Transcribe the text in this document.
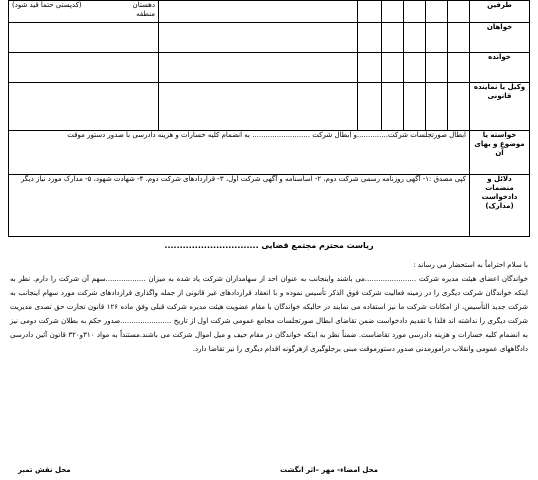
طرفین							دهستان
(کدپستی حتما قید شود)
منطقه

خواهان							
خوانده							
وکیل یا نماینده قانونی							
خواسته یا موضوع و بهای آن	ابطال صورتجلسات شرکت..............و ابطال شرکت .......................... به انضمام کلیه خسارات و هزینه دادرسی با صدور دستور موقت						
دلائل و منضمات دادخواست (مدارک)	کپی مصدق :١- آگهی روزنامه رسمی شرکت دوم، ٢- اساسنامه و آگهی شرکت اول، ٣- قراردادهای شرکت دوم، ۴- شهادت شهود، ۵- مدارک مورد نیاز دیگر						
ریاست محترم مجتمع قضایی ...............................

با سلام احتراماً به استحضار می رساند :

خواندگان اعضای هیئت مدیره شرکت .......................می باشند واینجانب به عنوان احد از سهامداران شرکت یاد شده به میزان ..................سهم آن شرکت را دارم. نظر به اینکه خواندگان شرکت دیگری را در زمینه فعالیت شرکت فوق الذکر تأسیس نموده و با انعقاد قراردادهای غیر قانونی از جمله واگذاری قراردادهای شرکت مورد سهام اینجانب به شرکت جدید التأسیس، از امکانات شرکت ما نیز استفاده می نمایند در حالیکه خواندگان با مقام عضویت هیئت مدیره شرکت قبلی وفق ماده ١٢۶ قانون تجارت حق تصدی مدیریت شرکت دیگری را نداشته اند فلذا با تقدیم دادخواست ضمن تقاضای ابطال صورتجلسات مجامع عمومی شرکت اول از تاریخ .......................صدور حکم به بطلان شرکت دومی نیز به انضمام کلیه خسارات و هزینه دادرسی مورد تقاضاست. ضمناً نظر به اینکه خواندگان در مقام حیف و میل اموال شرکت می باشند.مستنداً به مواد ٣١٠و٣٢٠ قانون آئین دادرسی دادگاههای عمومی وانقلاب درامورمدنی صدور دستورموقت مبنی برجلوگیری ازهرگونه اقدام دیگری را نیز تقاضا دارد.

محل امضاء- مهر –اثر انگشت
محل نقش تمبر
